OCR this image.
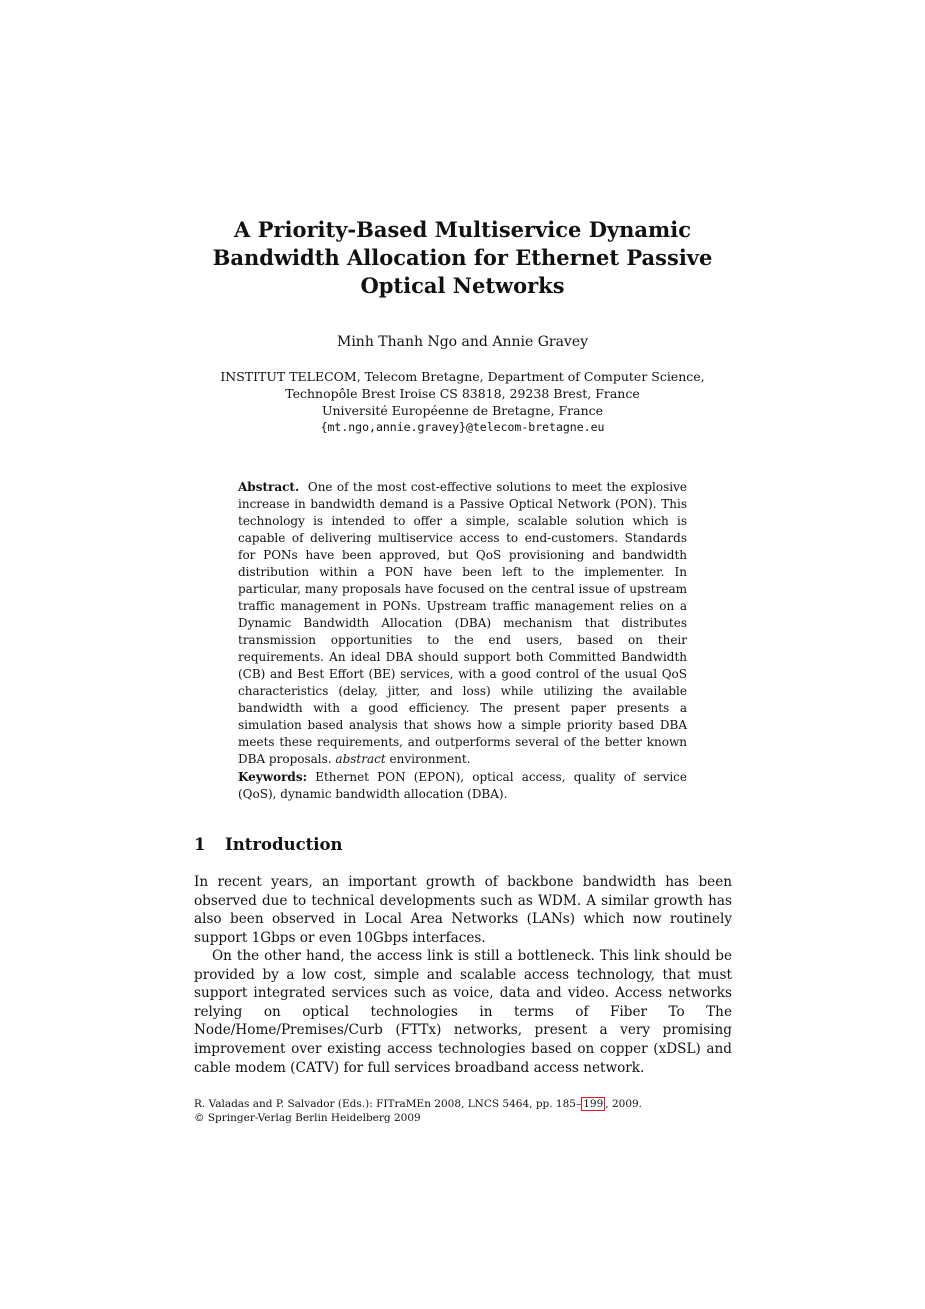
A Priority-Based Multiservice Dynamic
Bandwidth Allocation for Ethernet Passive
Optical Networks
Minh Thanh Ngo and Annie Gravey
INSTITUT TELECOM, Telecom Bretagne, Department of Computer Science,
Technopôle Brest Iroise CS 83818, 29238 Brest, France
Université Européenne de Bretagne, France
{mt.ngo,annie.gravey}@telecom-bretagne.eu

Abstract. One of the most cost-effective solutions to meet the explosive increase in bandwidth demand is a Passive Optical Network (PON). This technology is intended to offer a simple, scalable solution which is capable of delivering multiservice access to end-customers. Standards for PONs have been approved, but QoS provisioning and bandwidth distribution within a PON have been left to the implementer. In particular, many proposals have focused on the central issue of upstream traffic management in PONs. Upstream traffic management relies on a Dynamic Bandwidth Allocation (DBA) mechanism that distributes transmission opportunities to the end users, based on their requirements. An ideal DBA should support both Committed Bandwidth (CB) and Best Effort (BE) services, with a good control of the usual QoS characteristics (delay, jitter, and loss) while utilizing the available bandwidth with a good efficiency. The present paper presents a simulation based analysis that shows how a simple priority based DBA meets these requirements, and outperforms several of the better known DBA proposals. abstract environment.

Keywords: Ethernet PON (EPON), optical access, quality of service (QoS), dynamic bandwidth allocation (DBA).

1 Introduction

In recent years, an important growth of backbone bandwidth has been observed due to technical developments such as WDM. A similar growth has also been observed in Local Area Networks (LANs) which now routinely support 1Gbps or even 10Gbps interfaces.

On the other hand, the access link is still a bottleneck. This link should be provided by a low cost, simple and scalable access technology, that must support integrated services such as voice, data and video. Access networks relying on optical technologies in terms of Fiber To The Node/Home/Premises/Curb (FTTx) networks, present a very promising improvement over existing access technologies based on copper (xDSL) and cable modem (CATV) for full services broadband access network.

R. Valadas and P. Salvador (Eds.): FITraMEn 2008, LNCS 5464, pp. 185– 199 , 2009.
© Springer-Verlag Berlin Heidelberg 2009
